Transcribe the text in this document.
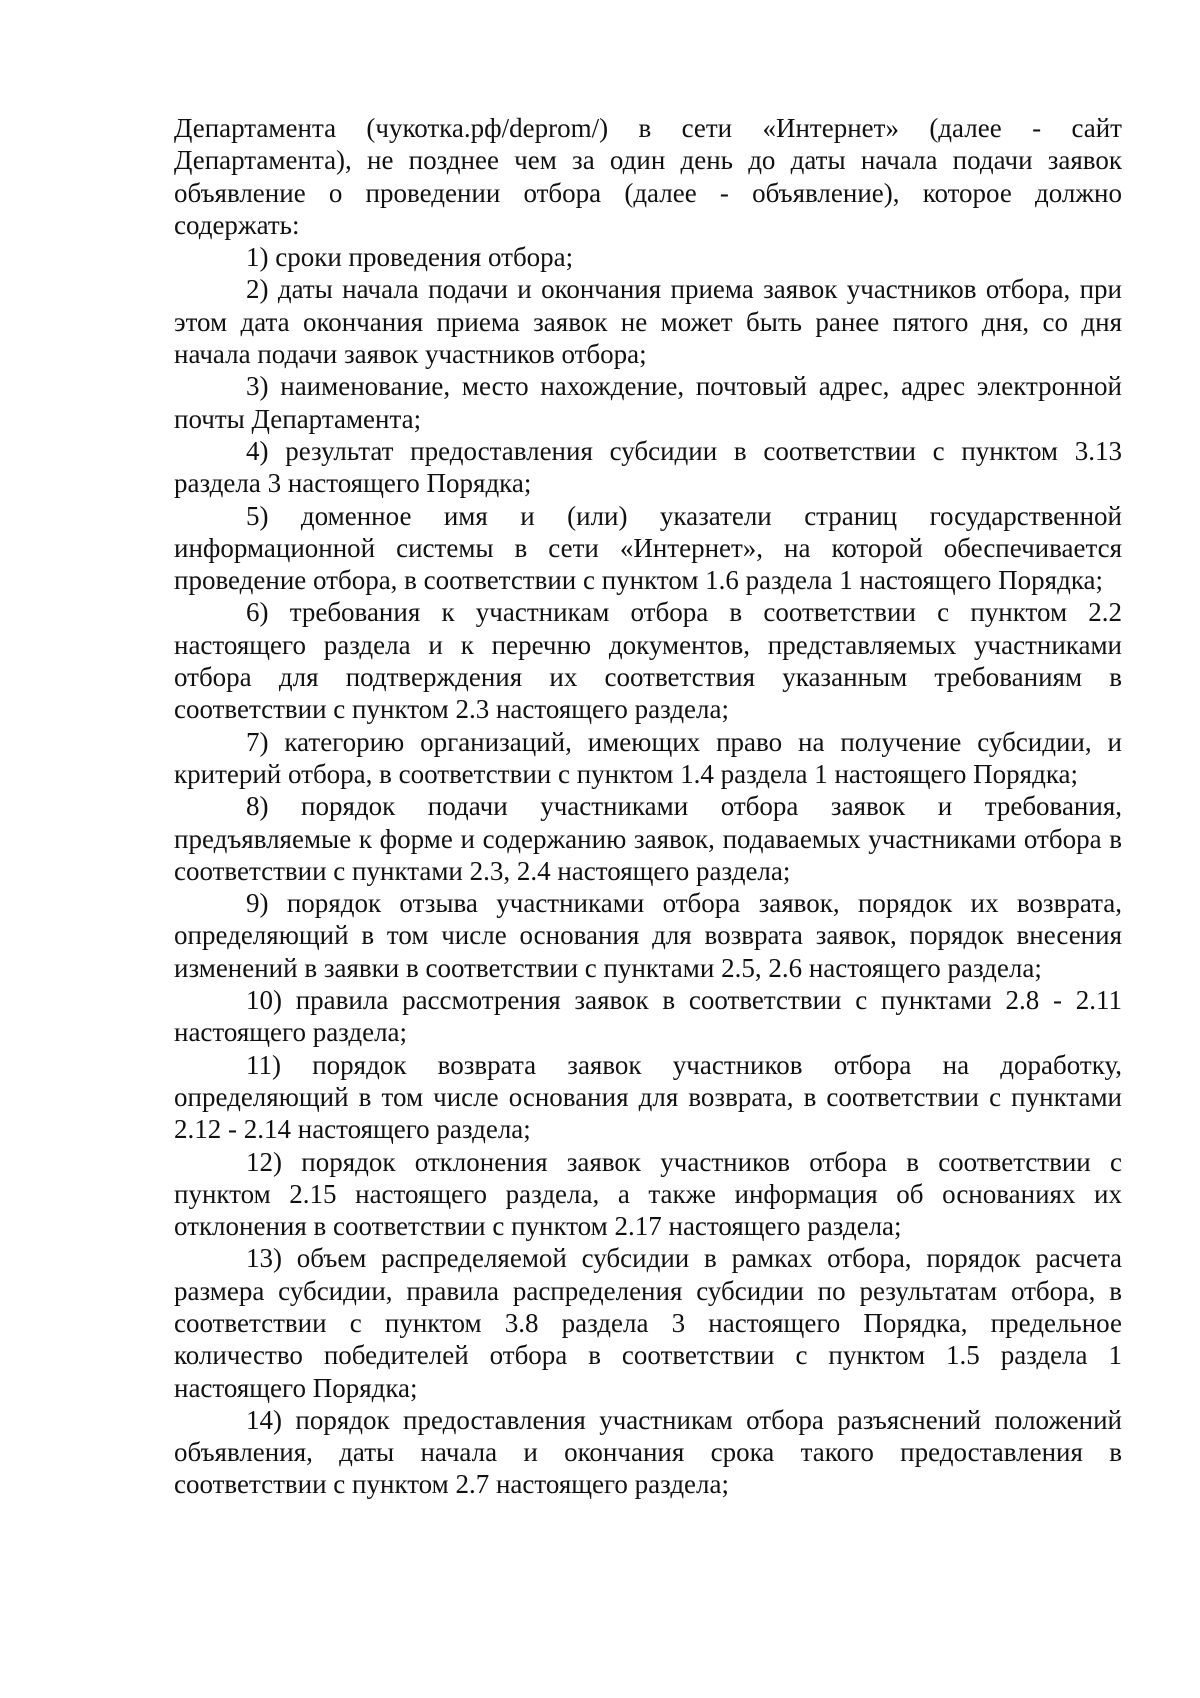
Департамента (чукотка.рф/deprom/) в сети «Интернет» (далее - сайт Департамента), не позднее чем за один день до даты начала подачи заявок объявление о проведении отбора (далее - объявление), которое должно содержать:

1) сроки проведения отбора;

2) даты начала подачи и окончания приема заявок участников отбора, при этом дата окончания приема заявок не может быть ранее пятого дня, со дня начала подачи заявок участников отбора;

3) наименование, место нахождение, почтовый адрес, адрес электронной почты Департамента;

4) результат предоставления субсидии в соответствии с пунктом 3.13 раздела 3 настоящего Порядка;

5) доменное имя и (или) указатели страниц государственной информационной системы в сети «Интернет», на которой обеспечивается проведение отбора, в соответствии с пунктом 1.6 раздела 1 настоящего Порядка;

6) требования к участникам отбора в соответствии с пунктом 2.2 настоящего раздела и к перечню документов, представляемых участниками отбора для подтверждения их соответствия указанным требованиям в соответствии с пунктом 2.3 настоящего раздела;

7) категорию организаций, имеющих право на получение субсидии, и критерий отбора, в соответствии с пунктом 1.4 раздела 1 настоящего Порядка;

8) порядок подачи участниками отбора заявок и требования, предъявляемые к форме и содержанию заявок, подаваемых участниками отбора в соответствии с пунктами 2.3, 2.4 настоящего раздела;

9) порядок отзыва участниками отбора заявок, порядок их возврата, определяющий в том числе основания для возврата заявок, порядок внесения изменений в заявки в соответствии с пунктами 2.5, 2.6 настоящего раздела;

10) правила рассмотрения заявок в соответствии с пунктами 2.8 - 2.11 настоящего раздела;

11) порядок возврата заявок участников отбора на доработку, определяющий в том числе основания для возврата, в соответствии с пунктами 2.12 - 2.14 настоящего раздела;

12) порядок отклонения заявок участников отбора в соответствии с пунктом 2.15 настоящего раздела, а также информация об основаниях их отклонения в соответствии с пунктом 2.17 настоящего раздела;

13) объем распределяемой субсидии в рамках отбора, порядок расчета размера субсидии, правила распределения субсидии по результатам отбора, в соответствии с пунктом 3.8 раздела 3 настоящего Порядка, предельное количество победителей отбора в соответствии с пунктом 1.5 раздела 1 настоящего Порядка;

14) порядок предоставления участникам отбора разъяснений положений объявления, даты начала и окончания срока такого предоставления в соответствии с пунктом 2.7 настоящего раздела;
